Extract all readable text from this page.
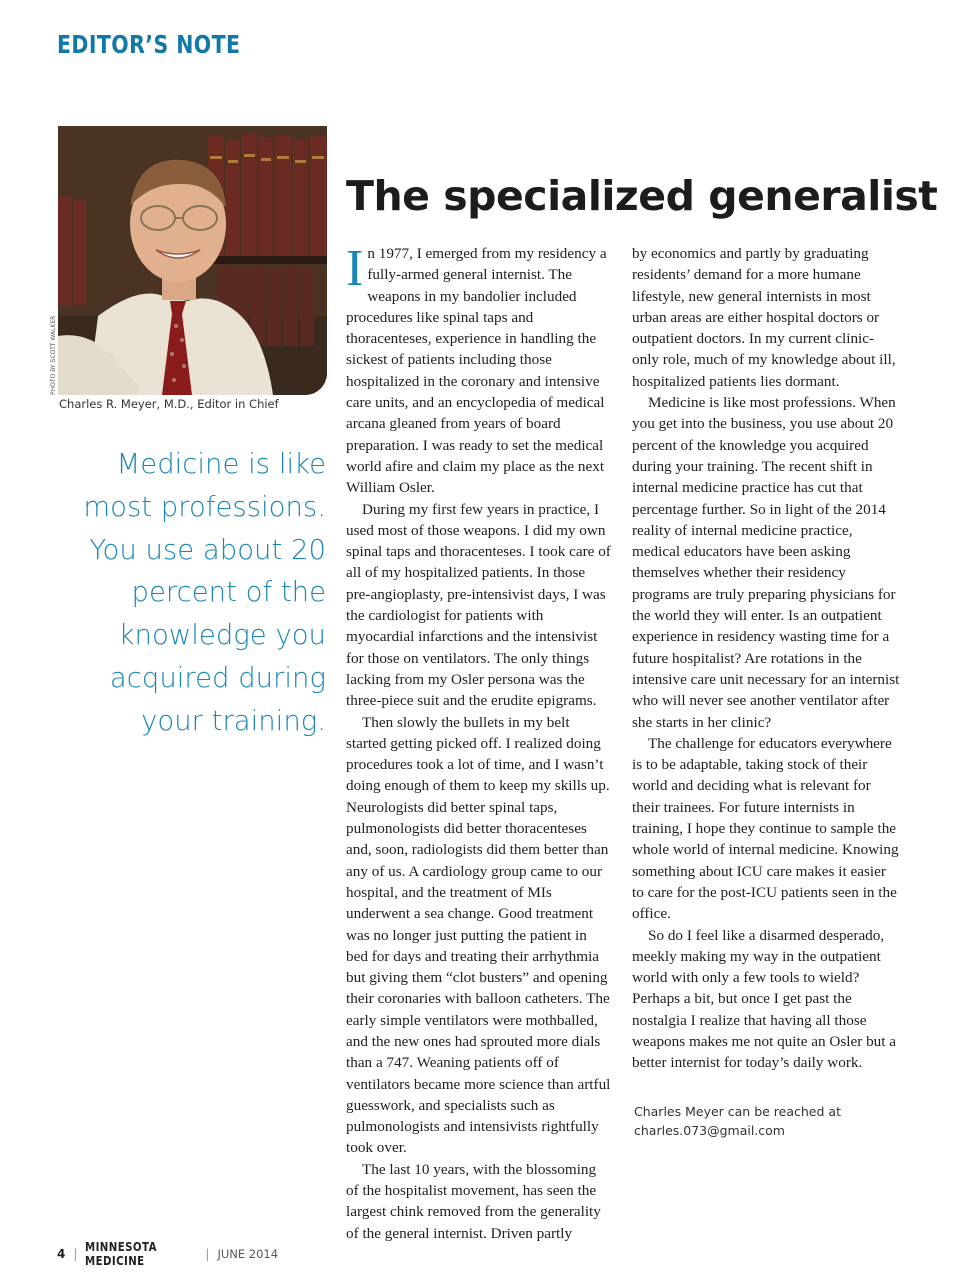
EDITOR’S NOTE
PHOTO BY SCOTT WALKER
Charles R. Meyer, M.D., Editor in Chief
Medicine is like most professions. You use about 20 percent of the knowledge you acquired during your training.
The specialized generalist

In 1977, I emerged from my residency a fully-armed general internist. The weapons in my bandolier included procedures like spinal taps and thoracenteses, experience in handling the sickest of patients including those hospitalized in the coronary and intensive care units, and an encyclopedia of medical arcana gleaned from years of board preparation. I was ready to set the medical world afire and claim my place as the next William Osler.

During my first few years in practice, I used most of those weapons. I did my own spinal taps and thoracenteses. I took care of all of my hospitalized patients. In those pre-angioplasty, pre-intensivist days, I was the cardiologist for patients with myocardial infarctions and the intensivist for those on ventilators. The only things lacking from my Osler persona was the three-piece suit and the erudite epigrams.

Then slowly the bullets in my belt started getting picked off. I realized doing procedures took a lot of time, and I wasn’t doing enough of them to keep my skills up. Neurologists did better spinal taps, pulmonologists did better thoracenteses and, soon, radiologists did them better than any of us. A cardiology group came to our hospital, and the treatment of MIs underwent a sea change. Good treatment was no longer just putting the patient in bed for days and treating their arrhythmia but giving them “clot busters” and opening their coronaries with balloon catheters. The early simple ventilators were mothballed, and the new ones had sprouted more dials than a 747. Weaning patients off of ventilators became more science than artful guesswork, and specialists such as pulmonologists and intensivists rightfully took over.

The last 10 years, with the blossoming of the hospitalist movement, has seen the largest chink removed from the generality of the general internist. Driven partly

by economics and partly by graduating residents’ demand for a more humane lifestyle, new general internists in most urban areas are either hospital doctors or outpatient doctors. In my current clinic-only role, much of my knowledge about ill, hospitalized patients lies dormant.

Medicine is like most professions. When you get into the business, you use about 20 percent of the knowledge you acquired during your training. The recent shift in internal medicine practice has cut that percentage further. So in light of the 2014 reality of internal medicine practice, medical educators have been asking themselves whether their residency programs are truly preparing physicians for the world they will enter. Is an outpatient experience in residency wasting time for a future hospitalist? Are rotations in the intensive care unit necessary for an internist who will never see another ventilator after she starts in her clinic?

The challenge for educators everywhere is to be adaptable, taking stock of their world and deciding what is relevant for their trainees. For future internists in training, I hope they continue to sample the whole world of internal medicine. Knowing something about ICU care makes it easier to care for the post-ICU patients seen in the office.

So do I feel like a disarmed desperado, meekly making my way in the outpatient world with only a few tools to wield? Perhaps a bit, but once I get past the nostalgia I realize that having all those weapons makes me not quite an Osler but a better internist for today’s daily work.

Charles Meyer can be reached at
charles.073@gmail.com
4 | MINNESOTA MEDICINE	| JUNE 2014
